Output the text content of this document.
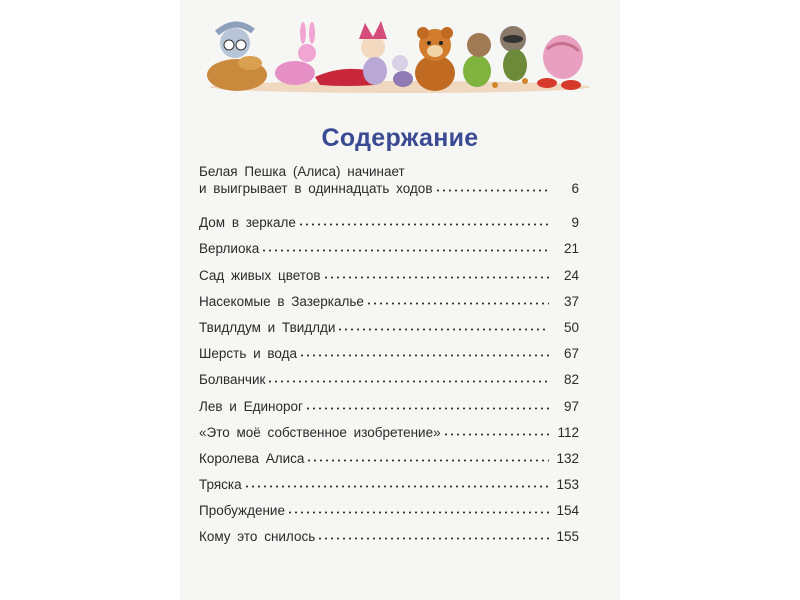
Содержание
Белая Пешка (Алиса) начинает
и выигрывает в одиннадцать ходов	6
Дом в зеркале	9
Верлиока	21
Сад живых цветов	24
Насекомые в Зазеркалье	37
Твидлдум и Твидлди	50
Шерсть и вода	67
Болванчик	82
Лев и Единорог	97
«Это моё собственное изобретение»	112
Королева Алиса	132
Тряска	153
Пробуждение	154
Кому это снилось	155
